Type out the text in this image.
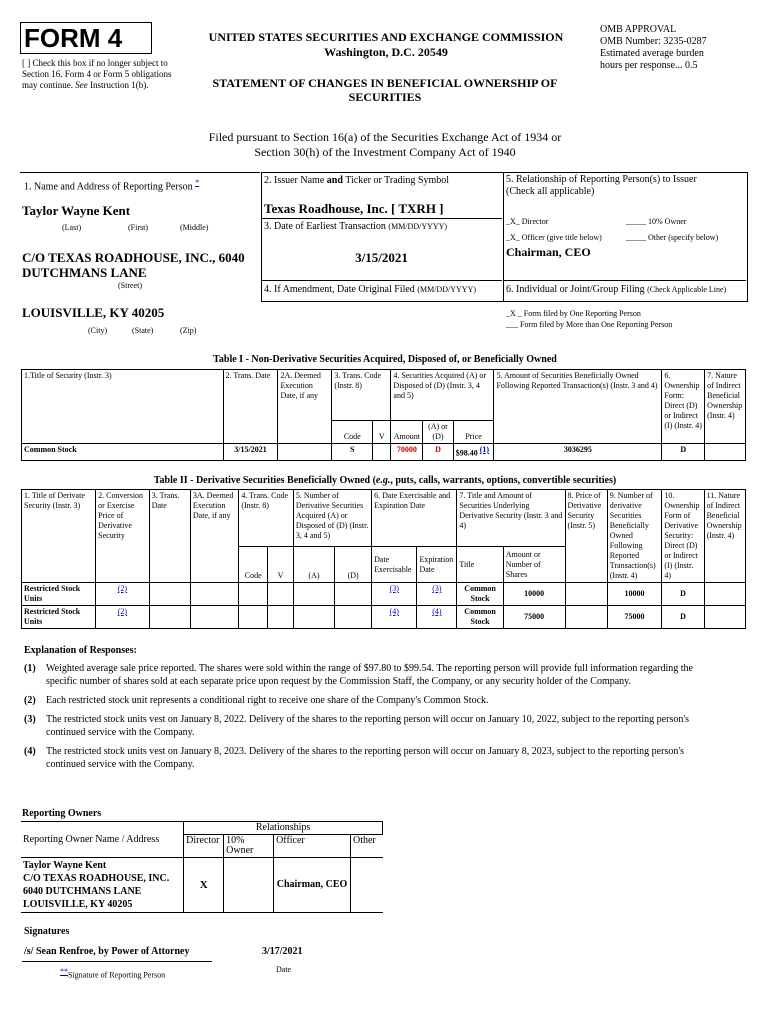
FORM 4
[ ] Check this box if no longer subject to Section 16. Form 4 or Form 5 obligations may continue. See Instruction 1(b).
UNITED STATES SECURITIES AND EXCHANGE COMMISSION
Washington, D.C. 20549
STATEMENT OF CHANGES IN BENEFICIAL OWNERSHIP OF SECURITIES
OMB APPROVAL
OMB Number: 3235-0287
Estimated average burden
hours per response... 0.5
Filed pursuant to Section 16(a) of the Securities Exchange Act of 1934 or
Section 30(h) of the Investment Company Act of 1940
1. Name and Address of Reporting Person *
Taylor Wayne Kent
(Last)	(First)	(Middle)
C/O TEXAS ROADHOUSE, INC., 6040 DUTCHMANS LANE
(Street)
LOUISVILLE, KY 40205
(City)	(State)	(Zip)
2. Issuer Name and Ticker or Trading Symbol
Texas Roadhouse, Inc. [ TXRH ]
3. Date of Earliest Transaction (MM/DD/YYYY)
3/15/2021
4. If Amendment, Date Original Filed (MM/DD/YYYY)
5. Relationship of Reporting Person(s) to Issuer
(Check all applicable)
_X_ Director	_____ 10% Owner
_X_ Officer (give title below)	_____ Other (specify below)
Chairman, CEO
6. Individual or Joint/Group Filing (Check Applicable Line)
_X _ Form filed by One Reporting Person
___ Form filed by More than One Reporting Person
Table I - Non-Derivative Securities Acquired, Disposed of, or Beneficially Owned
1.Title of Security (Instr. 3)	2. Trans. Date	2A. Deemed Execution Date, if any	3. Trans. Code (Instr. 8)		4. Securities Acquired (A) or Disposed of (D) (Instr. 3, 4 and 5)			5. Amount of Securities Beneficially Owned Following Reported Transaction(s) (Instr. 3 and 4)	6. Ownership Form: Direct (D) or Indirect (I) (Instr. 4)	7. Nature of Indirect Beneficial Ownership (Instr. 4)
			Code	V	Amount	(A) or (D)	Price			
Common Stock	3/15/2021		S		70000	D	$98.40 (1)	3036295	D	
Table II - Derivative Securities Beneficially Owned (e.g., puts, calls, warrants, options, convertible securities)
1. Title of Derivate Security (Instr. 3)	2. Conversion or Exercise Price of Derivative Security	3. Trans. Date	3A. Deemed Execution Date, if any	4. Trans. Code (Instr. 8)		5. Number of Derivative Securities Acquired (A) or Disposed of (D) (Instr. 3, 4 and 5)		6. Date Exercisable and Expiration Date		7. Title and Amount of Securities Underlying Derivative Security (Instr. 3 and 4)		8. Price of Derivative Security (Instr. 5)	9. Number of derivative Securities Beneficially Owned Following Reported Transaction(s) (Instr. 4)	10. Ownership Form of Derivative Security: Direct (D) or Indirect (I) (Instr. 4)	11. Nature of Indirect Beneficial Ownership (Instr. 4)
				Code	V	(A)	(D)	Date Exercisable	Expiration Date	Title	Amount or Number of Shares				
Restricted Stock Units	(2)							(3)	(3)	Common Stock	10000		10000	D	
Restricted Stock Units	(2)							(4)	(4)	Common Stock	75000		75000	D	
Explanation of Responses:
(1)	Weighted average sale price reported. The shares were sold within the range of $97.80 to $99.54. The reporting person will provide full information regarding the specific number of shares sold at each separate price upon request by the Commission Staff, the Company, or any security holder of the Company.
(2)	Each restricted stock unit represents a conditional right to receive one share of the Company's Common Stock.
(3)	The restricted stock units vest on January 8, 2022. Delivery of the shares to the reporting person will occur on January 10, 2022, subject to the reporting person's continued service with the Company.
(4)	The restricted stock units vest on January 8, 2023. Delivery of the shares to the reporting person will occur on January 8, 2023, subject to the reporting person's continued service with the Company.
Reporting Owners
Reporting Owner Name / Address	Relationships			
	Director	10% Owner	Officer	Other

Taylor Wayne Kent
C/O TEXAS ROADHOUSE, INC.
6040 DUTCHMANS LANE
LOUISVILLE, KY 40205	X		Chairman, CEO	
Signatures
/s/ Sean Renfroe, by Power of Attorney	3/17/2021
**Signature of Reporting Person
Date
